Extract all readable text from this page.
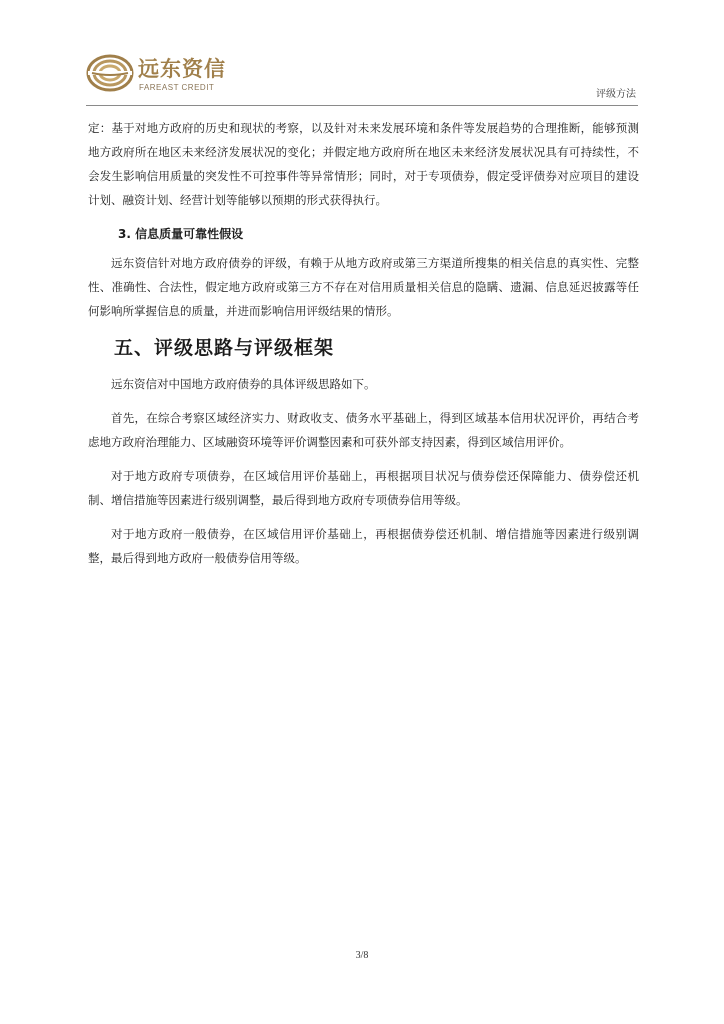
远东资信
FAREAST CREDIT
评级方法

定：基于对地方政府的历史和现状的考察，以及针对未来发展环境和条件等发展趋势的合理推断，能够预测地方政府所在地区未来经济发展状况的变化；并假定地方政府所在地区未来经济发展状况具有可持续性，不会发生影响信用质量的突发性不可控事件等异常情形；同时，对于专项债券，假定受评债券对应项目的建设计划、融资计划、经营计划等能够以预期的形式获得执行。

3. 信息质量可靠性假设

远东资信针对地方政府债券的评级，有赖于从地方政府或第三方渠道所搜集的相关信息的真实性、完整性、准确性、合法性，假定地方政府或第三方不存在对信用质量相关信息的隐瞒、遗漏、信息延迟披露等任何影响所掌握信息的质量，并进而影响信用评级结果的情形。

五、评级思路与评级框架

远东资信对中国地方政府债券的具体评级思路如下。

首先，在综合考察区域经济实力、财政收支、债务水平基础上，得到区域基本信用状况评价，再结合考虑地方政府治理能力、区域融资环境等评价调整因素和可获外部支持因素，得到区域信用评价。

对于地方政府专项债券，在区域信用评价基础上，再根据项目状况与债券偿还保障能力、债券偿还机制、增信措施等因素进行级别调整，最后得到地方政府专项债券信用等级。

对于地方政府一般债券，在区域信用评价基础上，再根据债券偿还机制、增信措施等因素进行级别调整，最后得到地方政府一般债券信用等级。

3/8
